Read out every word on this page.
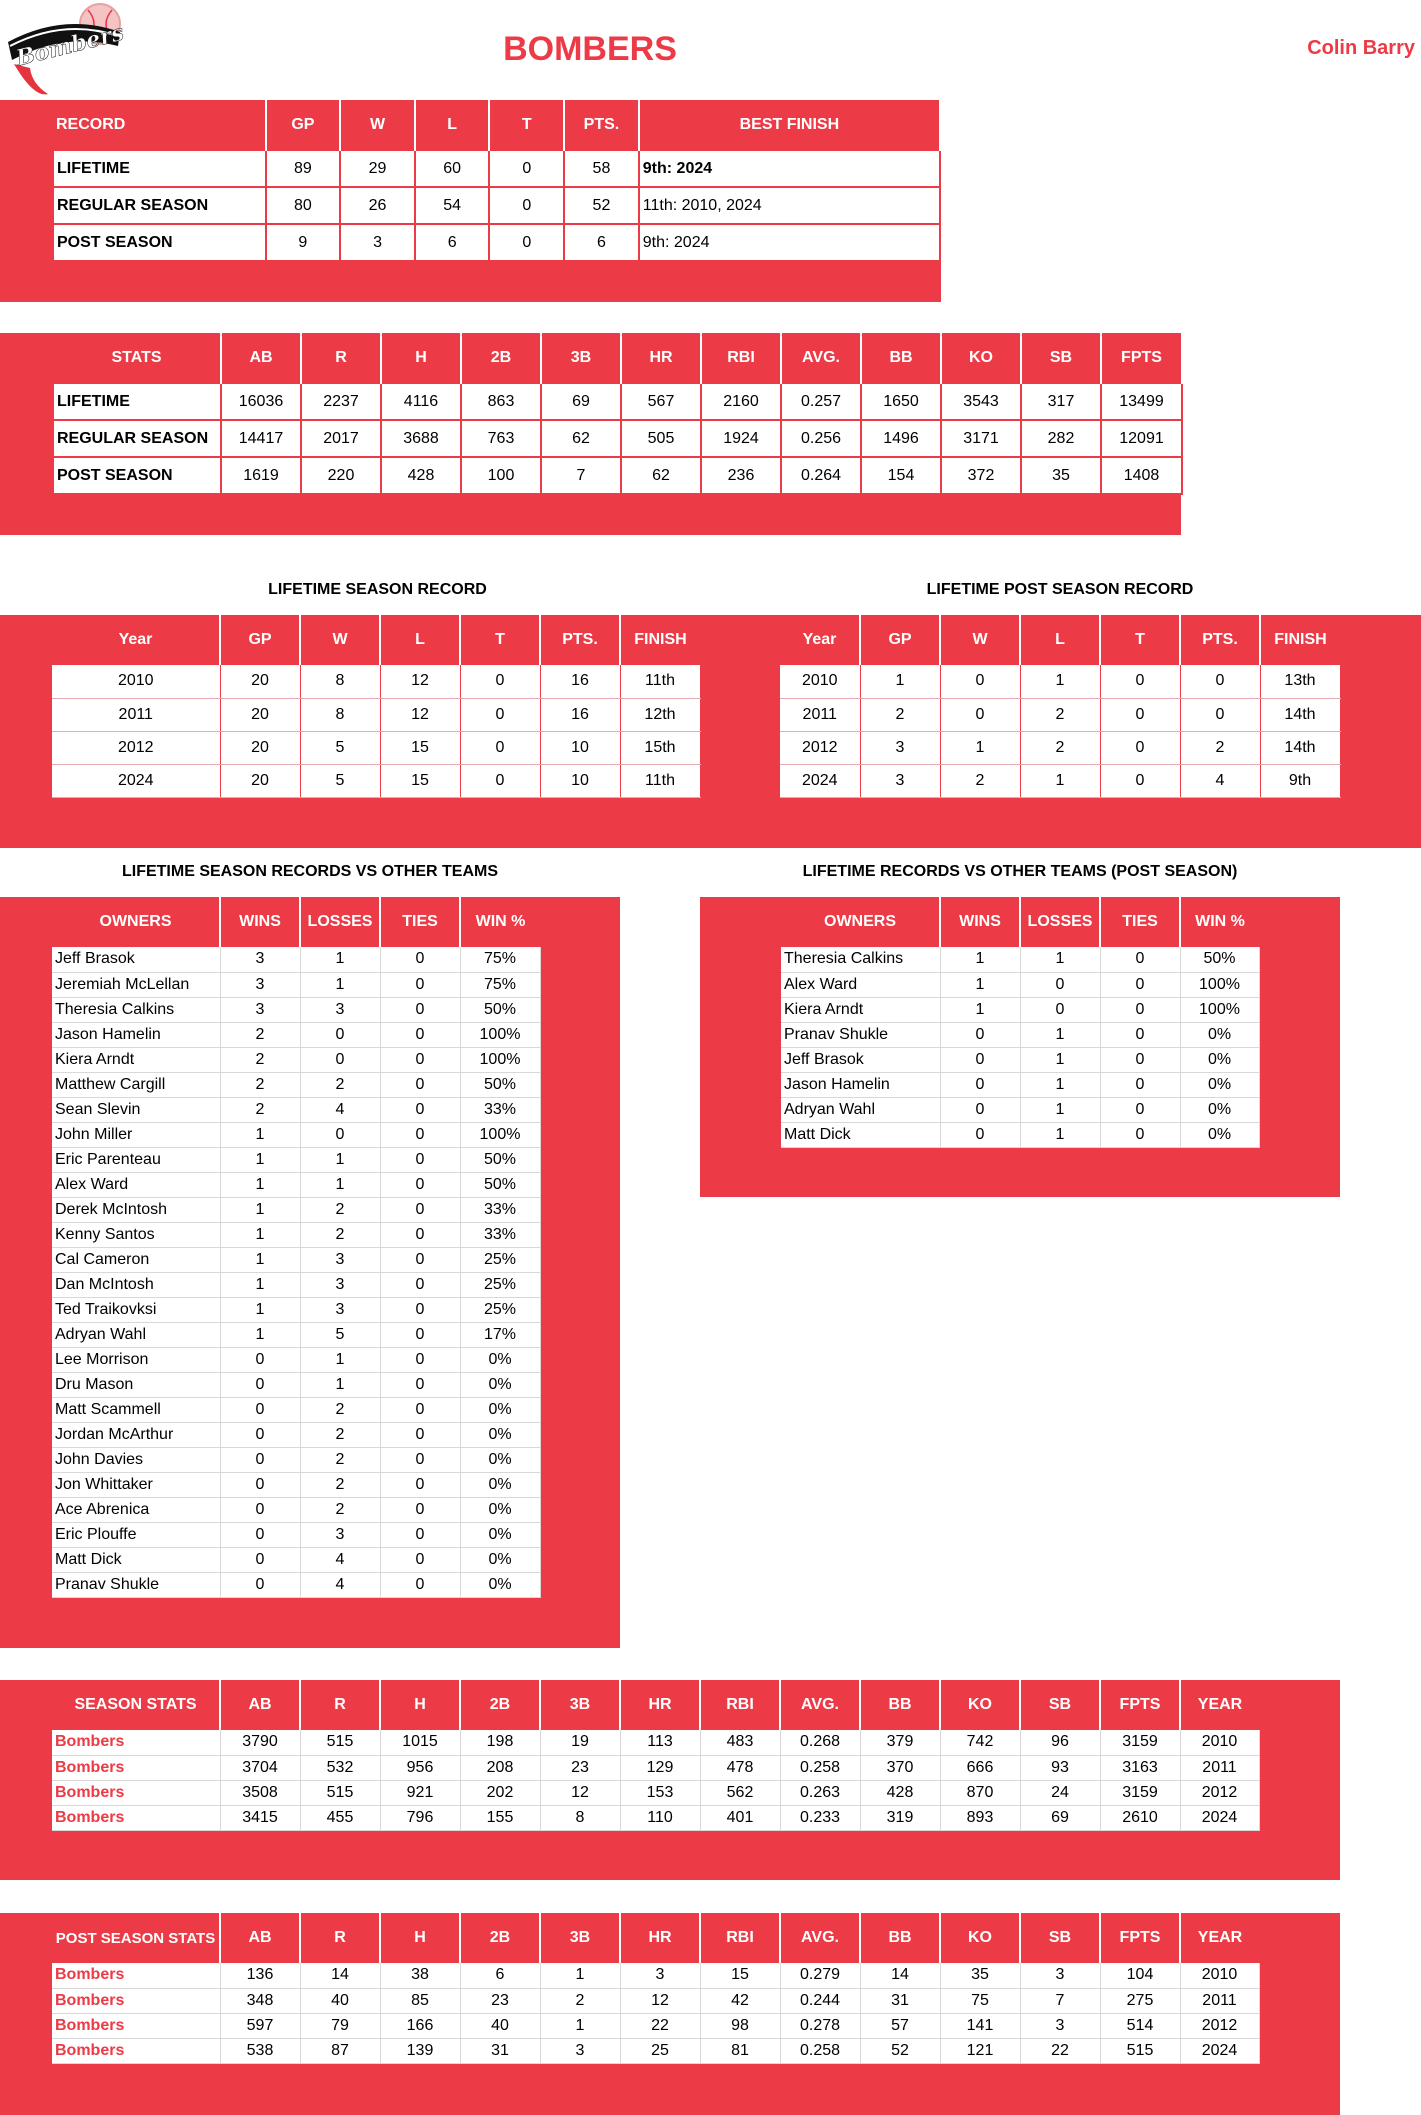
Bombers	BOMBERS	Colin Barry
RECORD	GP	W	L	T	PTS.	BEST FINISH
LIFETIME	89	29	60	0	58	9th: 2024
REGULAR SEASON	80	26	54	0	52	11th: 2010, 2024
POST SEASON	9	3	6	0	6	9th: 2024
STATS	AB	R	H	2B	3B	HR	RBI	AVG.	BB	KO	SB	FPTS
LIFETIME	16036	2237	4116	863	69	567	2160	0.257	1650	3543	317	13499
REGULAR SEASON	14417	2017	3688	763	62	505	1924	0.256	1496	3171	282	12091
POST SEASON	1619	220	428	100	7	62	236	0.264	154	372	35	1408
LIFETIME SEASON RECORD	LIFETIME POST SEASON RECORD
Year	GP	W	L	T	PTS.	FINISH
2010	20	8	12	0	16	11th
2011	20	8	12	0	16	12th
2012	20	5	15	0	10	15th
2024	20	5	15	0	10	11th
Year	GP	W	L	T	PTS.	FINISH
2010	1	0	1	0	0	13th
2011	2	0	2	0	0	14th
2012	3	1	2	0	2	14th
2024	3	2	1	0	4	9th
LIFETIME SEASON RECORDS VS OTHER TEAMS	LIFETIME RECORDS VS OTHER TEAMS (POST SEASON)
OWNERS	WINS	LOSSES	TIES	WIN %
Jeff Brasok	3	1	0	75%
Jeremiah McLellan	3	1	0	75%
Theresia Calkins	3	3	0	50%
Jason Hamelin	2	0	0	100%
Kiera Arndt	2	0	0	100%
Matthew Cargill	2	2	0	50%
Sean Slevin	2	4	0	33%
John Miller	1	0	0	100%
Eric Parenteau	1	1	0	50%
Alex Ward	1	1	0	50%
Derek McIntosh	1	2	0	33%
Kenny Santos	1	2	0	33%
Cal Cameron	1	3	0	25%
Dan McIntosh	1	3	0	25%
Ted Traikovksi	1	3	0	25%
Adryan Wahl	1	5	0	17%
Lee Morrison	0	1	0	0%
Dru Mason	0	1	0	0%
Matt Scammell	0	2	0	0%
Jordan McArthur	0	2	0	0%
John Davies	0	2	0	0%
Jon Whittaker	0	2	0	0%
Ace Abrenica	0	2	0	0%
Eric Plouffe	0	3	0	0%
Matt Dick	0	4	0	0%
Pranav Shukle	0	4	0	0%
OWNERS	WINS	LOSSES	TIES	WIN %
Theresia Calkins	1	1	0	50%
Alex Ward	1	0	0	100%
Kiera Arndt	1	0	0	100%
Pranav Shukle	0	1	0	0%
Jeff Brasok	0	1	0	0%
Jason Hamelin	0	1	0	0%
Adryan Wahl	0	1	0	0%
Matt Dick	0	1	0	0%
SEASON STATS	AB	R	H	2B	3B	HR	RBI	AVG.	BB	KO	SB	FPTS	YEAR
Bombers	3790	515	1015	198	19	113	483	0.268	379	742	96	3159	2010
Bombers	3704	532	956	208	23	129	478	0.258	370	666	93	3163	2011
Bombers	3508	515	921	202	12	153	562	0.263	428	870	24	3159	2012
Bombers	3415	455	796	155	8	110	401	0.233	319	893	69	2610	2024
POST SEASON STATS	AB	R	H	2B	3B	HR	RBI	AVG.	BB	KO	SB	FPTS	YEAR
Bombers	136	14	38	6	1	3	15	0.279	14	35	3	104	2010
Bombers	348	40	85	23	2	12	42	0.244	31	75	7	275	2011
Bombers	597	79	166	40	1	22	98	0.278	57	141	3	514	2012
Bombers	538	87	139	31	3	25	81	0.258	52	121	22	515	2024
